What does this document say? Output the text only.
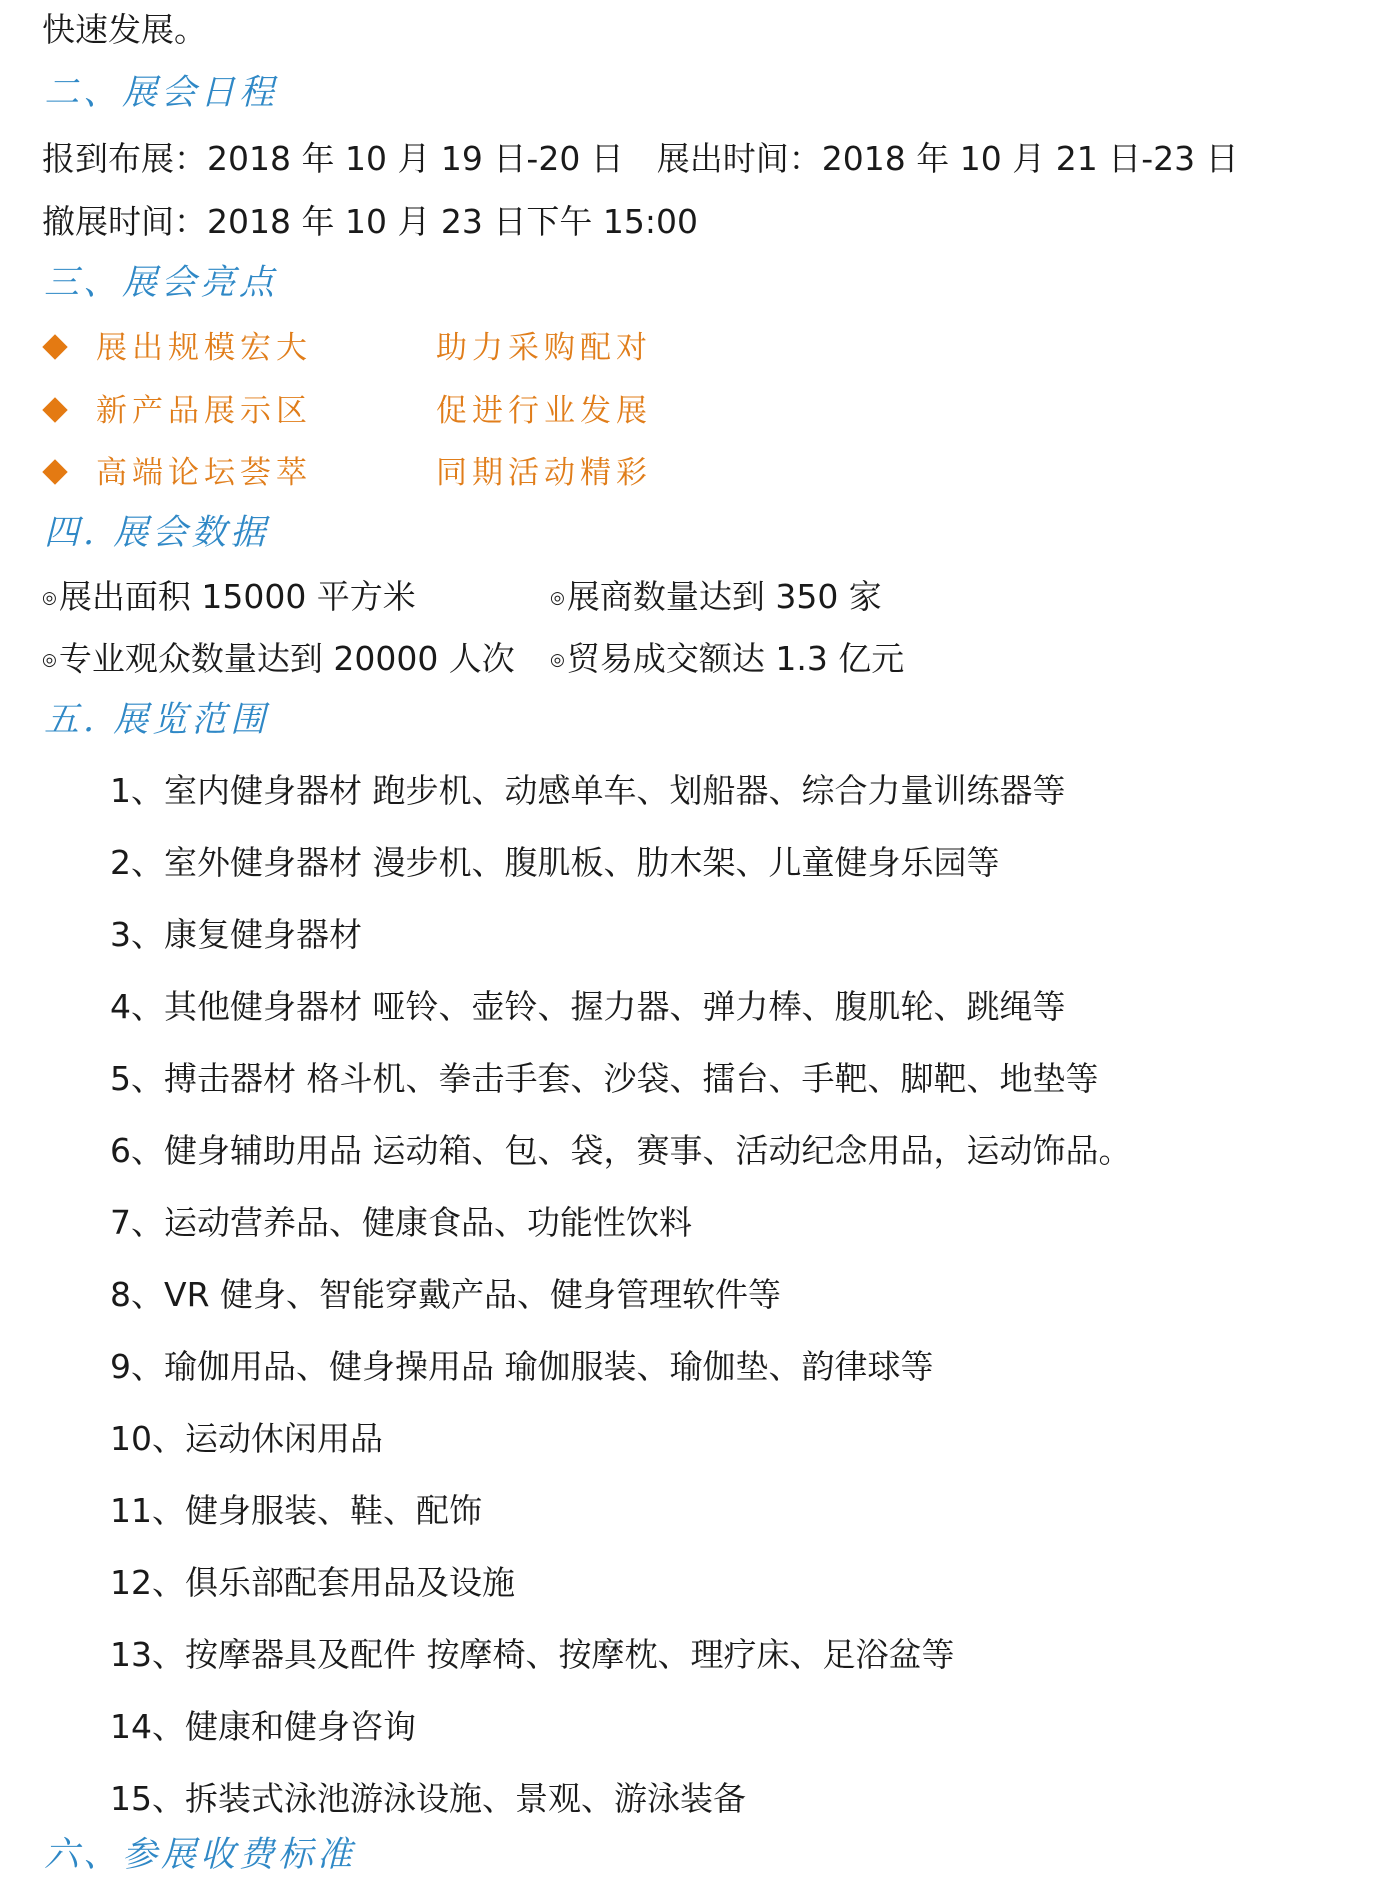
快速发展。
二、展会日程
报到布展：2018 年 10 月 19 日-20 日　展出时间：2018 年 10 月 21 日-23 日
撤展时间：2018 年 10 月 23 日下午 15:00
三、展会亮点
展出规模宏大	助力采购配对
新产品展示区	促进行业发展
高端论坛荟萃	同期活动精彩
四. 展会数据
◎展出面积 15000 平方米	◎展商数量达到 350 家
◎专业观众数量达到 20000 人次 ◎贸易成交额达 1.3 亿元
五. 展览范围
1、室内健身器材 跑步机、动感单车、划船器、综合力量训练器等
2、室外健身器材 漫步机、腹肌板、肋木架、儿童健身乐园等
3、康复健身器材
4、其他健身器材 哑铃、壶铃、握力器、弹力棒、腹肌轮、跳绳等
5、搏击器材 格斗机、拳击手套、沙袋、擂台、手靶、脚靶、地垫等
6、健身辅助用品 运动箱、包、袋，赛事、活动纪念用品，运动饰品。
7、运动营养品、健康食品、功能性饮料
8、VR 健身、智能穿戴产品、健身管理软件等
9、瑜伽用品、健身操用品 瑜伽服装、瑜伽垫、韵律球等
10、运动休闲用品
11、健身服装、鞋、配饰
12、俱乐部配套用品及设施
13、按摩器具及配件 按摩椅、按摩枕、理疗床、足浴盆等
14、健康和健身咨询
15、拆装式泳池游泳设施、景观、游泳装备
六、参展收费标准
